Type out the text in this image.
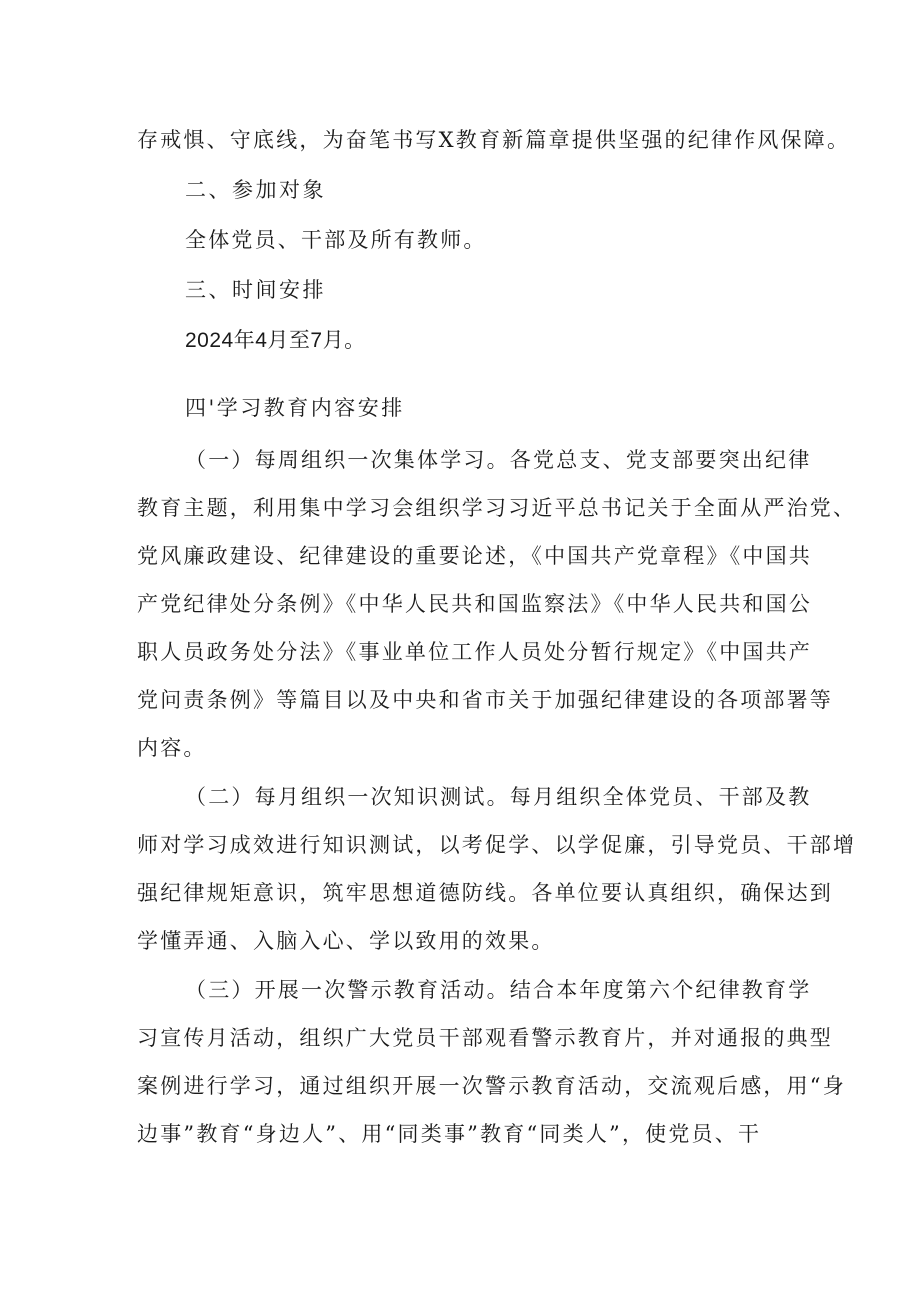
存戒惧、守底线，为奋笔书写X教育新篇章提供坚强的纪律作风保障。
二、参加对象
全体党员、干部及所有教师。
三、时间安排
2024年4月至7月。
四'学习教育内容安排
（一）每周组织一次集体学习。各党总支、党支部要突出纪律
教育主题，利用集中学习会组织学习习近平总书记关于全面从严治党、
党风廉政建设、纪律建设的重要论述，《中国共产党章程》《中国共
产党纪律处分条例》《中华人民共和国监察法》《中华人民共和国公
职人员政务处分法》《事业单位工作人员处分暂行规定》《中国共产
党问责条例》等篇目以及中央和省市关于加强纪律建设的各项部署等
内容。
（二）每月组织一次知识测试。每月组织全体党员、干部及教
师对学习成效进行知识测试，以考促学、以学促廉，引导党员、干部增
强纪律规矩意识，筑牢思想道德防线。各单位要认真组织，确保达到
学懂弄通、入脑入心、学以致用的效果。
（三）开展一次警示教育活动。结合本年度第六个纪律教育学
习宣传月活动，组织广大党员干部观看警示教育片，并对通报的典型
案例进行学习，通过组织开展一次警示教育活动，交流观后感，用“身
边事”教育“身边人”、用“同类事”教育“同类人”，使党员、干
